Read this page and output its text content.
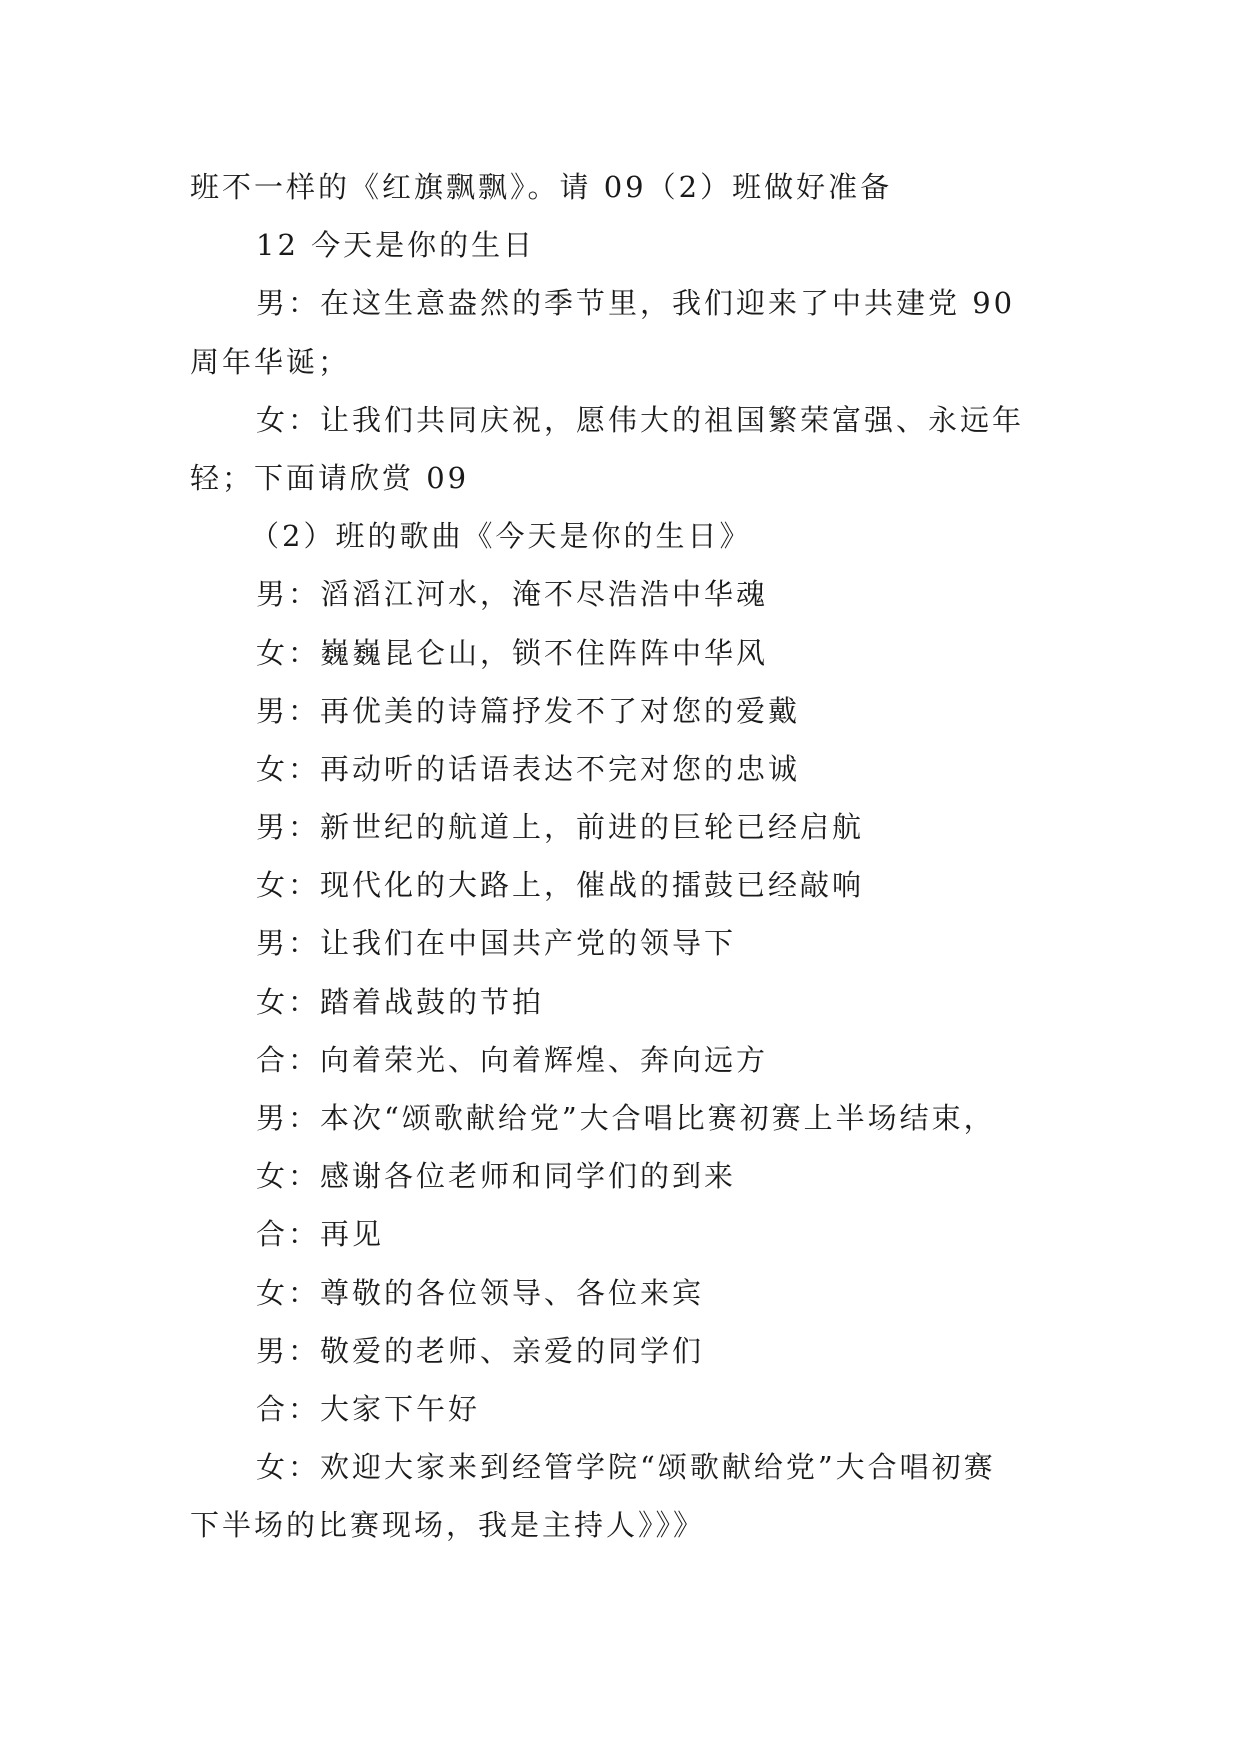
班不一样的《红旗飘飘》。请 09（2）班做好准备
12 今天是你的生日
男：在这生意盎然的季节里，我们迎来了中共建党 90
周年华诞；
女：让我们共同庆祝，愿伟大的祖国繁荣富强、永远年
轻；下面请欣赏 09
（2）班的歌曲《今天是你的生日》
男：滔滔江河水，淹不尽浩浩中华魂
女：巍巍昆仑山，锁不住阵阵中华风
男：再优美的诗篇抒发不了对您的爱戴
女：再动听的话语表达不完对您的忠诚
男：新世纪的航道上，前进的巨轮已经启航
女：现代化的大路上，催战的擂鼓已经敲响
男：让我们在中国共产党的领导下
女：踏着战鼓的节拍
合：向着荣光、向着辉煌、奔向远方
男：本次“颂歌献给党”大合唱比赛初赛上半场结束，
女：感谢各位老师和同学们的到来
合：再见
女：尊敬的各位领导、各位来宾
男：敬爱的老师、亲爱的同学们
合：大家下午好
女：欢迎大家来到经管学院“颂歌献给党”大合唱初赛
下半场的比赛现场，我是主持人》》》
